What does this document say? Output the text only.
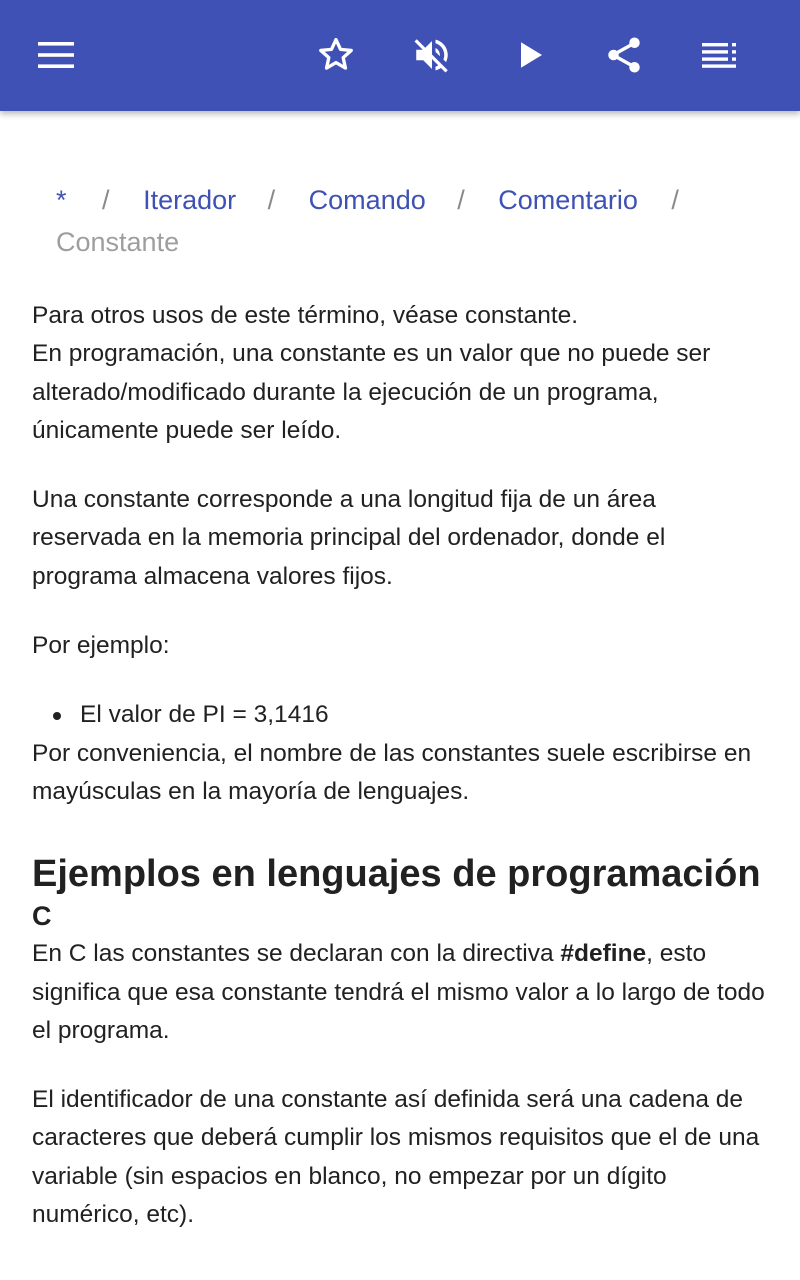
* / Iterador / Comando / Comentario /
Constante

Para otros usos de este término, véase constante.

En programación, una constante es un valor que no puede ser alterado/modificado durante la ejecución de un programa, únicamente puede ser leído.

Una constante corresponde a una longitud fija de un área reservada en la memoria principal del ordenador, donde el programa almacena valores fijos.

Por ejemplo:

El valor de PI = 3,1416

Por conveniencia, el nombre de las constantes suele escribirse en mayúsculas en la mayoría de lenguajes.

Ejemplos en lenguajes de programación
C

En C las constantes se declaran con la directiva #define, esto significa que esa constante tendrá el mismo valor a lo largo de todo el programa.

El identificador de una constante así definida será una cadena de caracteres que deberá cumplir los mismos requisitos que el de una variable (sin espacios en blanco, no empezar por un dígito numérico, etc).
